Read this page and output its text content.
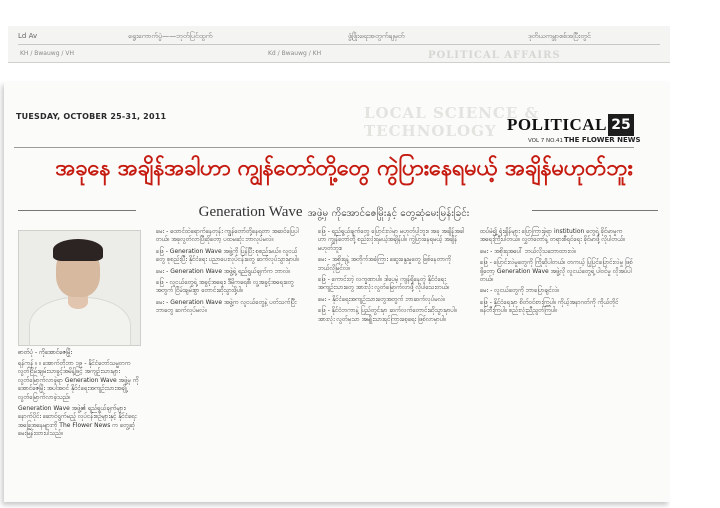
Ld Av	ရွေးကောက်ပွဲ——ဘုတ်ပြင်ထွက်	ဖွံ့ဖြိုးရေးအတွက်ချမှတ်	ဒုတိယကမ္ဘာစစ်အပြီးတွင်
KH / Bwauwg / VH	Kd / Bwauwg / KH	POLITICAL AFFAIRS
TUESDAY, OCTOBER 25-31, 2011	LOCAL SCIENCE & TECHNOLOGY POLITICAL 25
VOL 7 NO.41 THE FLOWER NEWS
အခုနေ အချိန်အခါဟာ ကျွန်တော်တို့တွေ ကွဲပြားနေရမယ့် အချိန်မဟုတ်ဘူး
Generation Wave အဖွဲ့မှ ကိုအောင်ဇေမြိုးနှင့် တွေ့ဆုံမေးမြန်းခြင်း
ဓာတ်ပုံ - ကိုအောင်ဇေမြိုး

ရန်ကုန် ။ ။ အောက်တိုဘာ ၁၉ - နိုင်ငံတော်သမ္မတက လွတ်ငြိမ်းချမ်းသာခွင့်အမိန့်ဖြင့် အကျဉ်းသားများ လွတ်မြောက်လာခဲ့ရာ Generation Wave အဖွဲ့မှ ကိုအောင်ဇေမြိုး အပါအဝင် နိုင်ငံရေးအကျဉ်းသားအချို့ လွတ်မြောက်လာခဲ့သည်။

Generation Wave အဖွဲ့၏ ရည်ရွယ်ချက်များ၊ နောက်ပိုင်း ဆောင်ရွက်မည့် လုပ်ငန်းစဉ်များနှင့် နိုင်ငံရေးအခြေအနေများကို The Flower News က တွေ့ဆုံမေးမြန်းထားပါသည်။

မေး - ထောင်ထဲရောက်နေတုန်း ကျွန်တော်တို့နေရတာ အဆင်ပြေပါတယ်။ အခုလွတ်လာပြီဆိုတော့ ပထမဆုံး ဘာလုပ်မလဲ။

ဖြေ - Generation Wave အဖွဲ့ကို ပြန်ပြီး စုစည်းမယ်။ လူငယ်တွေ စုစည်းပြီး နိုင်ငံရေး ပညာပေးလုပ်ငန်းတွေ ဆက်လုပ်သွားမှာပါ။

မေး - Generation Wave အဖွဲ့ရဲ့ ရည်ရွယ်ချက်က ဘာလဲ။

ဖြေ - လူငယ်တွေရဲ့ အခွင့်အရေး၊ ဒီမိုကရေစီ၊ လူ့အခွင့်အရေးတွေအတွက် ငြိမ်းချမ်းစွာ တောင်းဆိုသွားဖို့ပါ။

မေး - Generation Wave အဖွဲ့က လူငယ်တွေနဲ့ ပတ်သက်ပြီး ဘာတွေ ဆက်လုပ်မလဲ။

ဖြေ - ရည်ရွယ်ချက်တွေ ပြောင်းလဲမှာ မဟုတ်ပါဘူး။ အခု အချိန်အခါဟာ ကျွန်တော်တို့ စည်းလုံးရမယ့်အချိန်ပါ။ ကွဲပြားနေရမယ့် အချိန်မဟုတ်ဘူး။

မေး - အစိုးရနဲ့ အတိုက်အခံကြား ဆွေးနွေးမှုတွေ ဖြစ်နေတာကို ဘယ်လိုမြင်လဲ။

ဖြေ - ကောင်းတဲ့ လက္ခဏာပါ။ ဒါပေမဲ့ ကျန်ရှိနေတဲ့ နိုင်ငံရေးအကျဉ်းသားတွေ အားလုံး လွတ်မြောက်လာဖို့ လိုပါသေးတယ်။

မေး - နိုင်ငံရေးအကျဉ်းသားတွေအတွက် ဘာဆက်လုပ်မလဲ။

ဖြေ - နိုင်ငံတကာနဲ့ ပြည်တွင်းမှာ ဆက်လက်တောင်းဆိုသွားမှာပါ။ အားလုံး လွတ်မှသာ အမျိုးသားရင်ကြားစေ့ရေး ဖြစ်လာမှာပါ။

ထပ်မံ၍ ရုံးချိန်များ ပြောကြားခဲ့ရာ institution တွေရဲ့ ခိုင်မာမှုက အရေးကြီးပါတယ်။ လွှတ်တော်နဲ့ တရားစီရင်ရေး ခိုင်မာဖို့ လိုပါတယ်။

မေး - အစိုးရအပေါ် ဘယ်လိုသဘောထားလဲ။

ဖြေ - ပြောင်းလဲမှုတွေကို ကြိုဆိုပါတယ်။ တကယ့် ပြုပြင်ပြောင်းလဲမှု ဖြစ်ဖို့တော့ Generation Wave အဖွဲ့လို လူငယ်တွေရဲ့ ပါဝင်မှု လိုအပ်ပါတယ်။

မေး - လူငယ်တွေကို ဘာပြောချင်လဲ။

ဖြေ - နိုင်ငံရေးမှာ စိတ်ဝင်စားကြပါ။ ကိုယ့်အနာဂတ်ကို ကိုယ်တိုင် ဖန်တီးကြပါ။ စည်းလုံးညီညွတ်ကြပါ။
